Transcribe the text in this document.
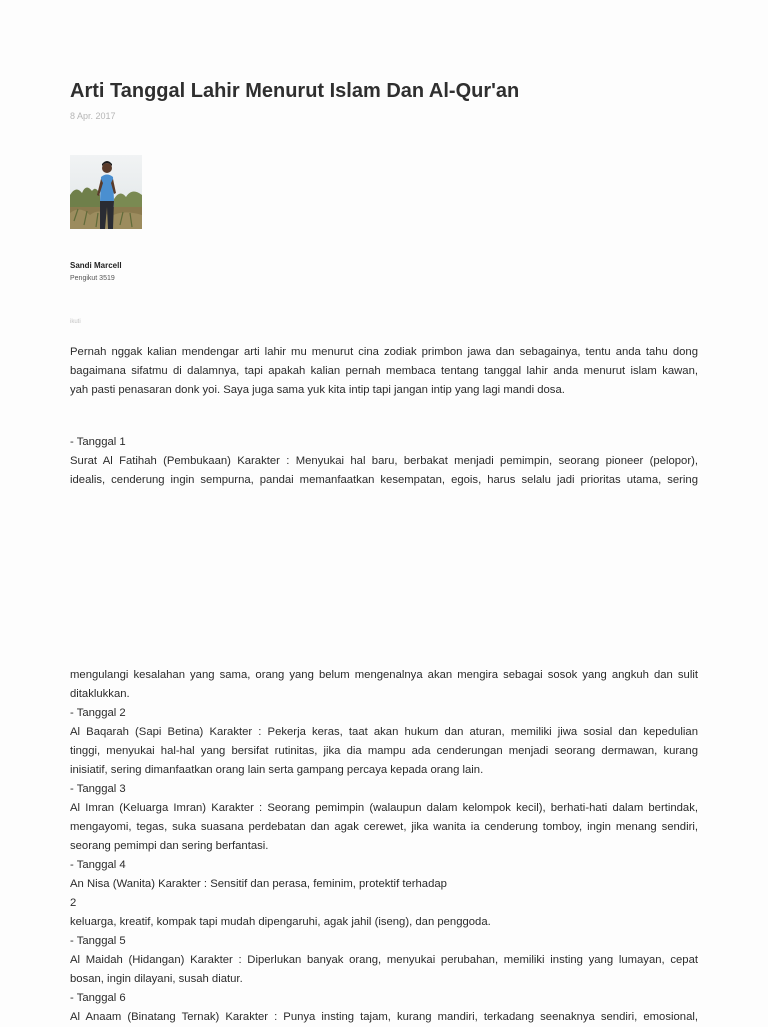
Arti Tanggal Lahir Menurut Islam Dan Al-Qur'an
8 Apr. 2017
Sandi Marcell
Pengikut 3519
ikuti
Pernah nggak kalian mendengar arti lahir mu menurut cina zodiak primbon jawa dan sebagainya, tentu anda tahu dong
bagaimana sifatmu di dalamnya, tapi apakah kalian pernah membaca tentang tanggal lahir anda menurut islam kawan,
yah pasti penasaran donk yoi. Saya juga sama yuk kita intip tapi jangan intip yang lagi mandi dosa.
- Tanggal 1
Surat Al Fatihah (Pembukaan) Karakter : Menyukai hal baru, berbakat menjadi pemimpin, seorang pioneer (pelopor),
idealis, cenderung ingin sempurna, pandai memanfaatkan kesempatan, egois, harus selalu jadi prioritas utama, sering
mengulangi kesalahan yang sama, orang yang belum mengenalnya akan mengira sebagai sosok yang angkuh dan sulit
ditaklukkan.
- Tanggal 2
Al Baqarah (Sapi Betina) Karakter : Pekerja keras, taat akan hukum dan aturan, memiliki jiwa sosial dan kepedulian
tinggi, menyukai hal-hal yang bersifat rutinitas, jika dia mampu ada cenderungan menjadi seorang dermawan, kurang
inisiatif, sering dimanfaatkan orang lain serta gampang percaya kepada orang lain.
- Tanggal 3
Al Imran (Keluarga Imran) Karakter : Seorang pemimpin (walaupun dalam kelompok kecil), berhati-hati dalam bertindak,
mengayomi, tegas, suka suasana perdebatan dan agak cerewet, jika wanita ia cenderung tomboy, ingin menang sendiri,
seorang pemimpi dan sering berfantasi.
- Tanggal 4
An Nisa (Wanita) Karakter : Sensitif dan perasa, feminim, protektif terhadap
2
keluarga, kreatif, kompak tapi mudah dipengaruhi, agak jahil (iseng), dan penggoda.
- Tanggal 5
Al Maidah (Hidangan) Karakter : Diperlukan banyak orang, menyukai perubahan, memiliki insting yang lumayan, cepat
bosan, ingin dilayani, susah diatur.
- Tanggal 6
Al Anaam (Binatang Ternak) Karakter : Punya insting tajam, kurang mandiri, terkadang seenaknya sendiri, emosional,
